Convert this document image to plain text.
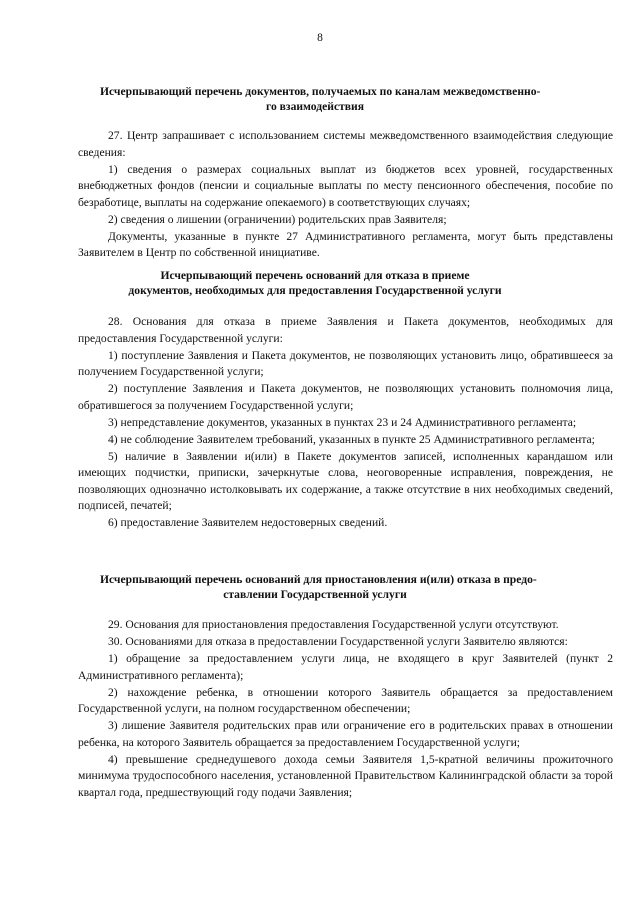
8
Исчерпывающий перечень документов, получаемых по каналам межведомственно-
го взаимодействия

27. Центр запрашивает с использованием системы межведомственного взаимодействия следующие сведения:

1) сведения о размерах социальных выплат из бюджетов всех уровней, государственных внебюджетных фондов (пенсии и социальные выплаты по месту пенсионного обеспечения, пособие по безработице, выплаты на содержание опекаемого) в соответствующих случаях;

2) сведения о лишении (ограничении) родительских прав Заявителя;

Документы, указанные в пункте 27 Административного регламента, могут быть представлены Заявителем в Центр по собственной инициативе.

Исчерпывающий перечень оснований для отказа в приеме
документов, необходимых для предоставления Государственной услуги

28. Основания для отказа в приеме Заявления и Пакета документов, необходимых для предоставления Государственной услуги:

1) поступление Заявления и Пакета документов, не позволяющих установить лицо, обратившееся за получением Государственной услуги;

2) поступление Заявления и Пакета документов, не позволяющих установить полномочия лица, обратившегося за получением Государственной услуги;

3) непредставление документов, указанных в пунктах 23 и 24 Административного регламента;

4) не соблюдение Заявителем требований, указанных в пункте 25 Административного регламента;

5) наличие в Заявлении и(или) в Пакете документов записей, исполненных карандашом или имеющих подчистки, приписки, зачеркнутые слова, неоговоренные исправления, повреждения, не позволяющих однозначно истолковывать их содержание, а также отсутствие в них необходимых сведений, подписей, печатей;

6) предоставление Заявителем недостоверных сведений.

Исчерпывающий перечень оснований для приостановления и(или) отказа в предо-
ставлении Государственной услуги

29. Основания для приостановления предоставления Государственной услуги отсутствуют.

30. Основаниями для отказа в предоставлении Государственной услуги Заявителю являются:

1) обращение за предоставлением услуги лица, не входящего в круг Заявителей (пункт 2 Административного регламента);

2) нахождение ребенка, в отношении которого Заявитель обращается за предоставлением Государственной услуги, на полном государственном обеспечении;

3) лишение Заявителя родительских прав или ограничение его в родительских правах в отношении ребенка, на которого Заявитель обращается за предоставлением Государственной услуги;

4) превышение среднедушевого дохода семьи Заявителя 1,5-кратной величины прожиточного минимума трудоспособного населения, установленной Правительством Калининградской области за торой квартал года, предшествующий году подачи Заявления;
